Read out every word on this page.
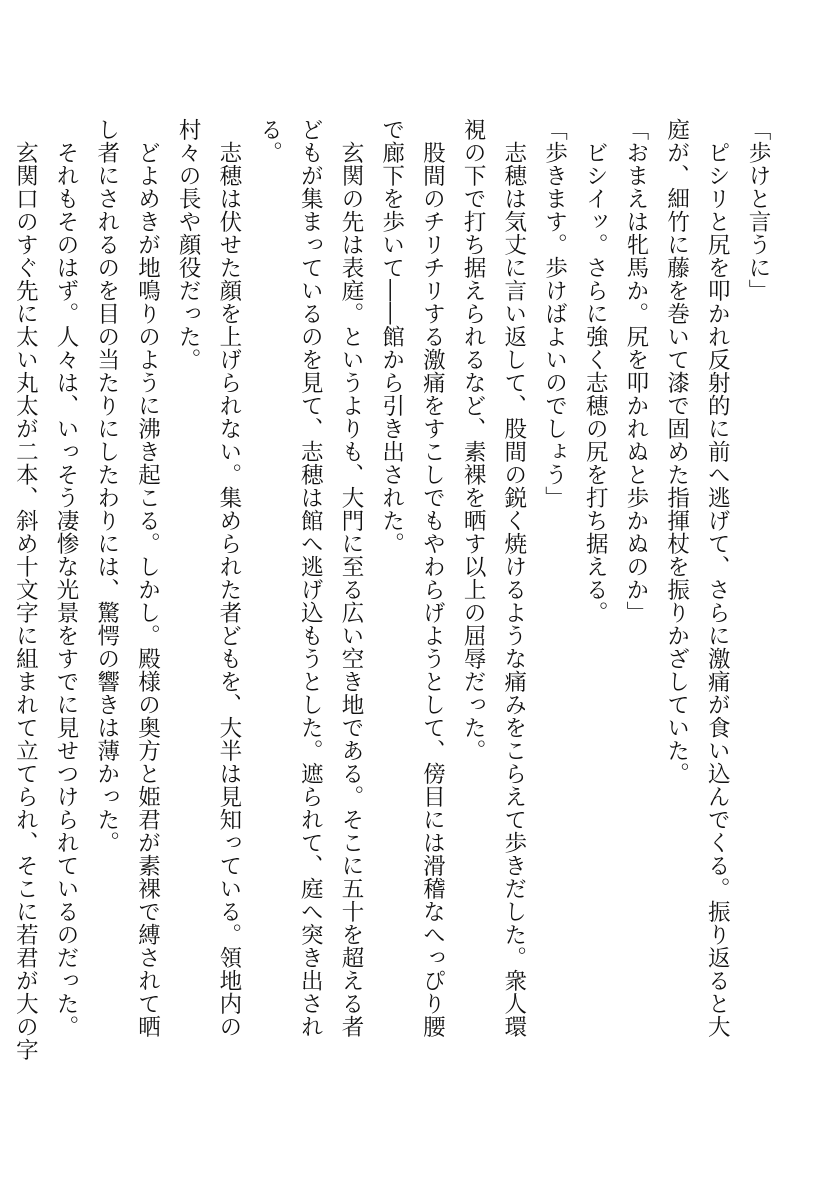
「歩けと言うに」
　ピシリと尻を叩かれ反射的に前へ逃げて、さらに激痛が食い込んでくる。振り返ると大
庭が、細竹に藤を巻いて漆で固めた指揮杖を振りかざしていた。
「おまえは牝馬か。尻を叩かれぬと歩かぬのか」
　ビシイッ。さらに強く志穂の尻を打ち据える。
「歩きます。歩けばよいのでしょう」
　志穂は気丈に言い返して、股間の鋭く焼けるような痛みをこらえて歩きだした。衆人環
視の下で打ち据えられるなど、素裸を晒す以上の屈辱だった。
　股間のチリチリする激痛をすこしでもやわらげようとして、傍目には滑稽なへっぴり腰
で廊下を歩いて――館から引き出された。
　玄関の先は表庭。というよりも、大門に至る広い空き地である。そこに五十を超える者
どもが集まっているのを見て、志穂は館へ逃げ込もうとした。遮られて、庭へ突き出され
る。
　志穂は伏せた顔を上げられない。集められた者どもを、大半は見知っている。領地内の
村々の長や顔役だった。
　どよめきが地鳴りのように沸き起こる。しかし。殿様の奥方と姫君が素裸で縛されて晒
し者にされるのを目の当たりにしたわりには、驚愕の響きは薄かった。
　それもそのはず。人々は、いっそう凄惨な光景をすでに見せつけられているのだった。
　玄関口のすぐ先に太い丸太が二本、斜め十文字に組まれて立てられ、そこに若君が大の字
